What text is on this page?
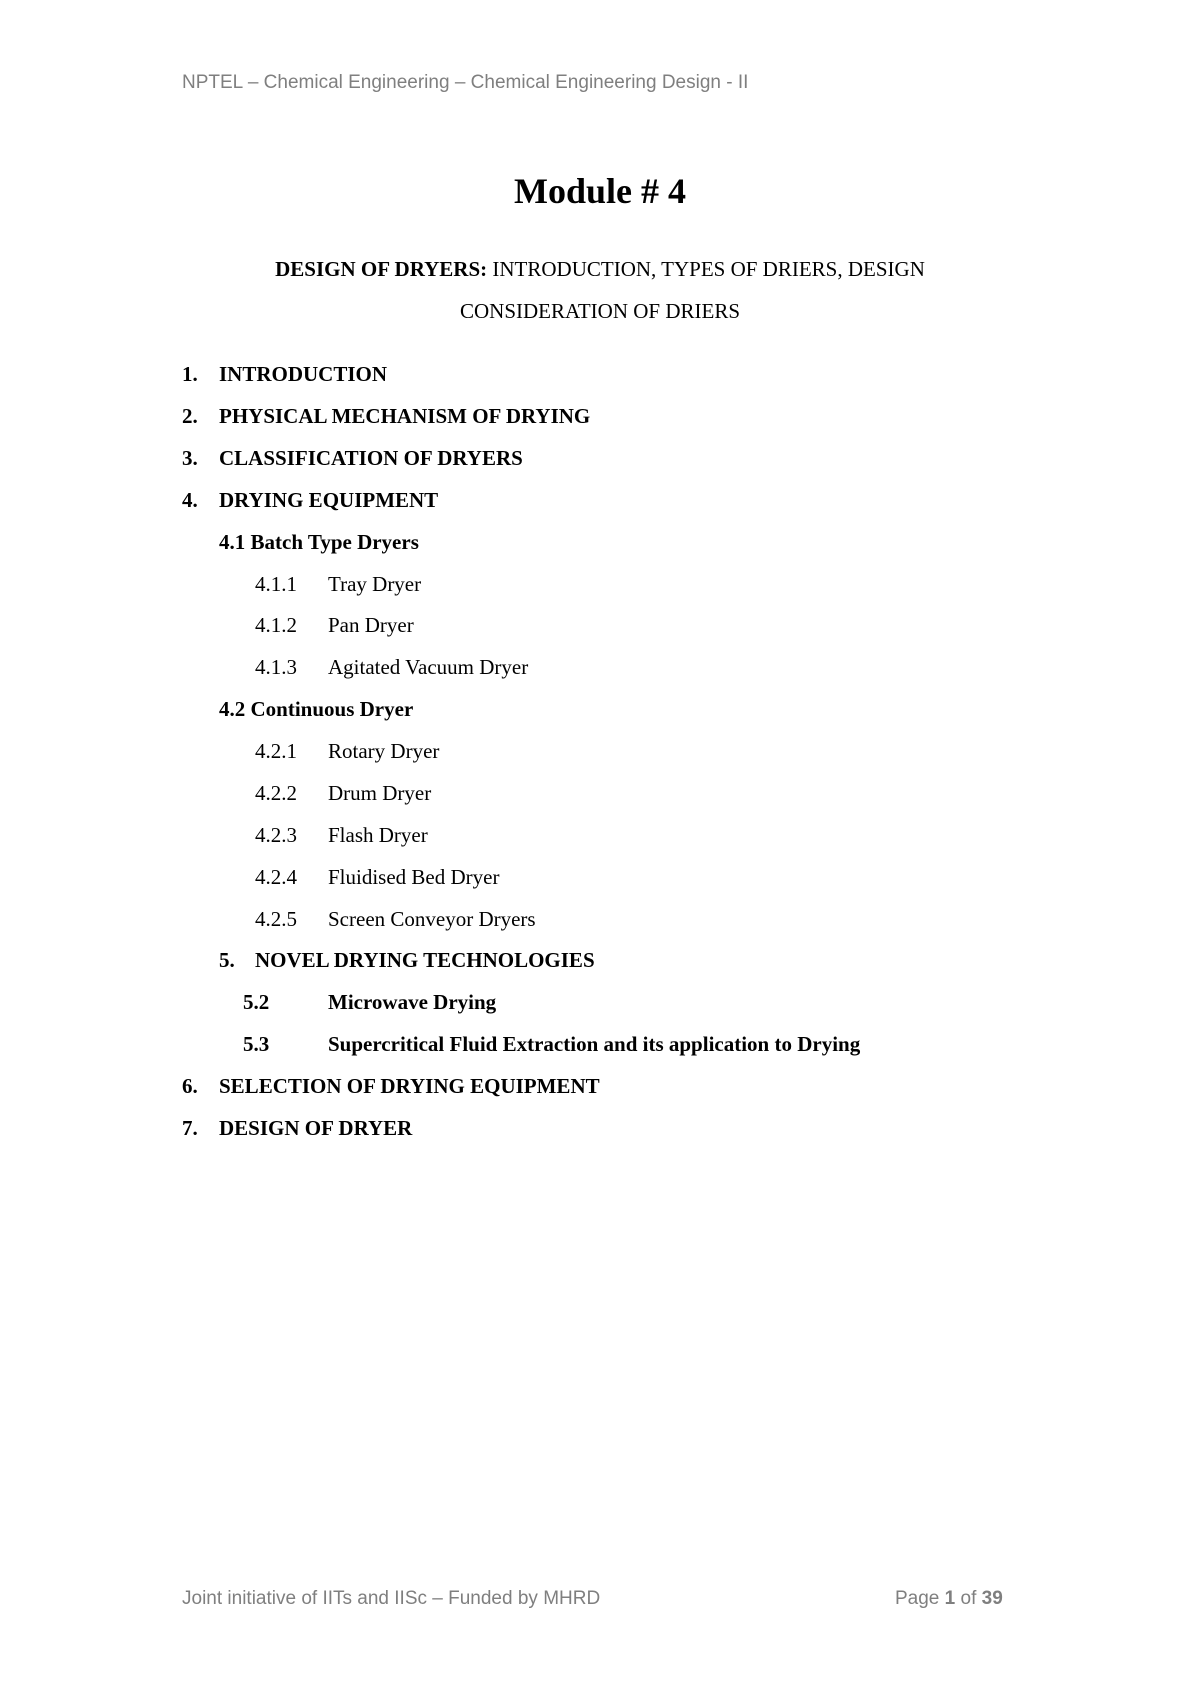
NPTEL – Chemical Engineering – Chemical Engineering Design - II
Module # 4
DESIGN OF DRYERS: INTRODUCTION, TYPES OF DRIERS, DESIGN
CONSIDERATION OF DRIERS
1. INTRODUCTION
2. PHYSICAL MECHANISM OF DRYING
3. CLASSIFICATION OF DRYERS
4. DRYING EQUIPMENT
4.1 Batch Type Dryers
4.1.1 Tray Dryer
4.1.2 Pan Dryer
4.1.3 Agitated Vacuum Dryer
4.2 Continuous Dryer
4.2.1 Rotary Dryer
4.2.2 Drum Dryer
4.2.3 Flash Dryer
4.2.4 Fluidised Bed Dryer
4.2.5 Screen Conveyor Dryers
5. NOVEL DRYING TECHNOLOGIES
5.2	Microwave Drying
5.3	Supercritical Fluid Extraction and its application to Drying
6. SELECTION OF DRYING EQUIPMENT
7. DESIGN OF DRYER
Joint initiative of IITs and IISc – Funded by MHRD	Page 1 of 39
